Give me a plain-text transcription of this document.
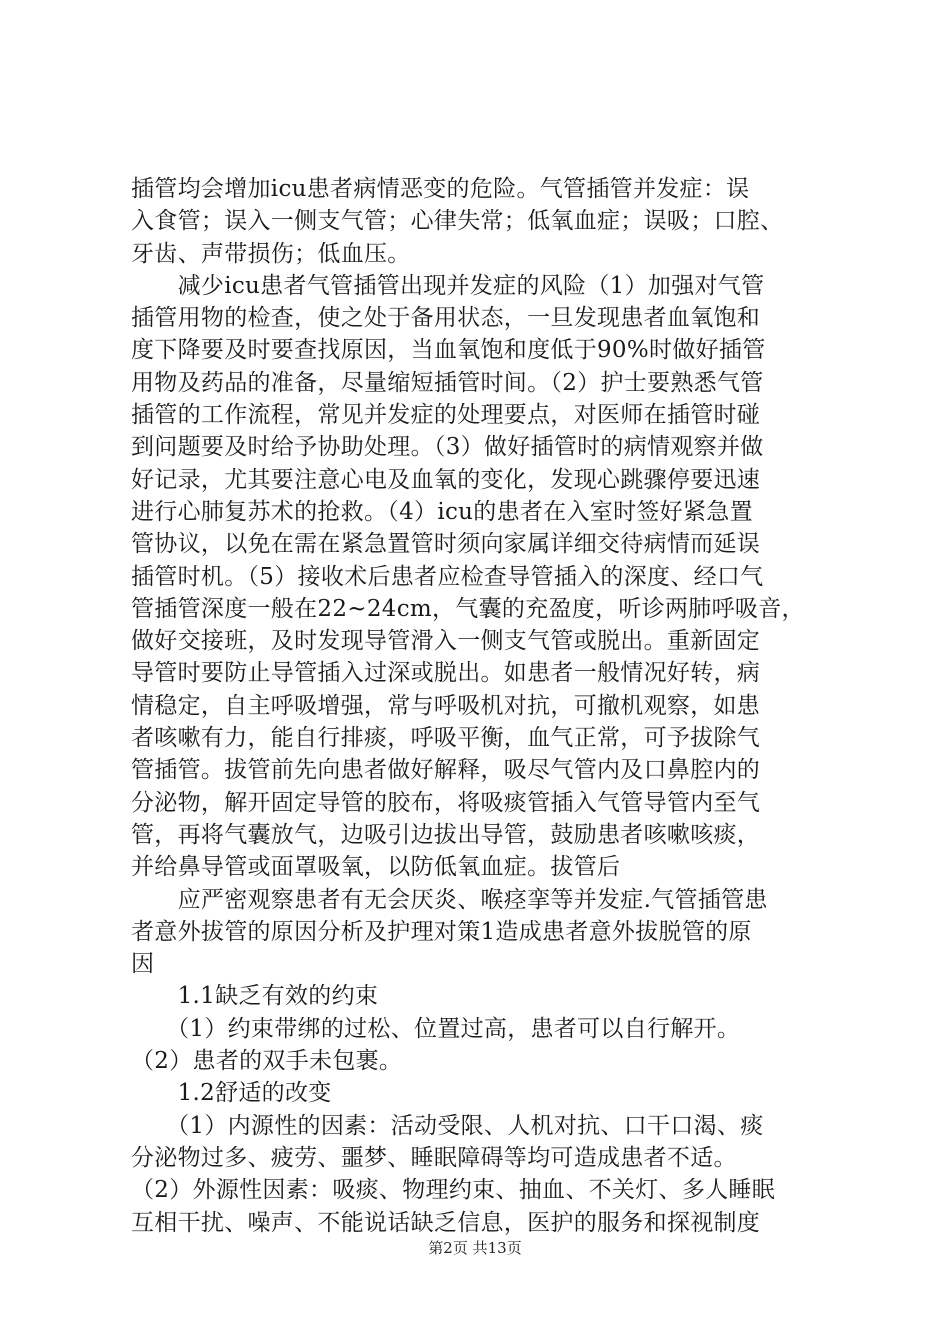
插管均会增加icu患者病情恶变的危险。气管插管并发症：误
入食管；误入一侧支气管；心律失常；低氧血症；误吸；口腔、
牙齿、声带损伤；低血压。
　　减少icu患者气管插管出现并发症的风险（1）加强对气管
插管用物的检查，使之处于备用状态，一旦发现患者血氧饱和
度下降要及时要查找原因，当血氧饱和度低于90%时做好插管
用物及药品的准备，尽量缩短插管时间。（2）护士要熟悉气管
插管的工作流程，常见并发症的处理要点，对医师在插管时碰
到问题要及时给予协助处理。（3）做好插管时的病情观察并做
好记录，尤其要注意心电及血氧的变化，发现心跳骤停要迅速
进行心肺复苏术的抢救。（4）icu的患者在入室时签好紧急置
管协议，以免在需在紧急置管时须向家属详细交待病情而延误
插管时机。（5）接收术后患者应检查导管插入的深度、经口气
管插管深度一般在22~24cm，气囊的充盈度，听诊两肺呼吸音，
做好交接班，及时发现导管滑入一侧支气管或脱出。重新固定
导管时要防止导管插入过深或脱出。如患者一般情况好转，病
情稳定，自主呼吸增强，常与呼吸机对抗，可撤机观察，如患
者咳嗽有力，能自行排痰，呼吸平衡，血气正常，可予拔除气
管插管。拔管前先向患者做好解释，吸尽气管内及口鼻腔内的
分泌物，解开固定导管的胶布，将吸痰管插入气管导管内至气
管，再将气囊放气，边吸引边拔出导管，鼓励患者咳嗽咳痰，
并给鼻导管或面罩吸氧，以防低氧血症。拔管后
　　应严密观察患者有无会厌炎、喉痉挛等并发症.气管插管患
者意外拔管的原因分析及护理对策1造成患者意外拔脱管的原
因
　　1.1缺乏有效的约束
　　（1）约束带绑的过松、位置过高，患者可以自行解开。
（2）患者的双手未包裹。
　　1.2舒适的改变
　　（1）内源性的因素：活动受限、人机对抗、口干口渴、痰
分泌物过多、疲劳、噩梦、睡眠障碍等均可造成患者不适。
（2）外源性因素：吸痰、物理约束、抽血、不关灯、多人睡眠
互相干扰、噪声、不能说话缺乏信息，医护的服务和探视制度
第2页 共13页
